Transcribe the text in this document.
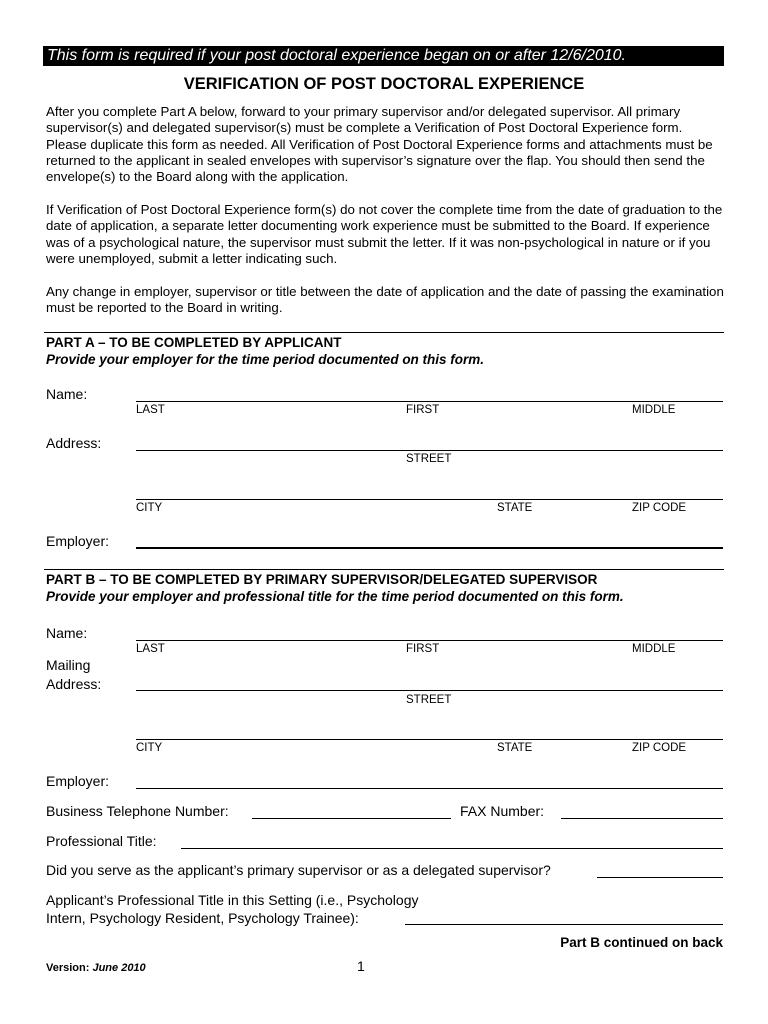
This form is required if your post doctoral experience began on or after 12/6/2010.
VERIFICATION OF POST DOCTORAL EXPERIENCE
After you complete Part A below, forward to your primary supervisor and/or delegated supervisor. All primary supervisor(s) and delegated supervisor(s) must be complete a Verification of Post Doctoral Experience form. Please duplicate this form as needed. All Verification of Post Doctoral Experience forms and attachments must be returned to the applicant in sealed envelopes with supervisor’s signature over the flap. You should then send the envelope(s) to the Board along with the application.
If Verification of Post Doctoral Experience form(s) do not cover the complete time from the date of graduation to the date of application, a separate letter documenting work experience must be submitted to the Board. If experience was of a psychological nature, the supervisor must submit the letter. If it was non-psychological in nature or if you were unemployed, submit a letter indicating such.
Any change in employer, supervisor or title between the date of application and the date of passing the examination must be reported to the Board in writing.
PART A – TO BE COMPLETED BY APPLICANT
Provide your employer for the time period documented on this form.
Name:
LAST	FIRST	MIDDLE
Address:
STREET
CITY	STATE	ZIP CODE
Employer:
PART B – TO BE COMPLETED BY PRIMARY SUPERVISOR/DELEGATED SUPERVISOR
Provide your employer and professional title for the time period documented on this form.
Name:
LAST	FIRST	MIDDLE
Mailing
Address:
STREET
CITY	STATE	ZIP CODE
Employer:
Business Telephone Number:	FAX Number:
Professional Title:
Did you serve as the applicant’s primary supervisor or as a delegated supervisor?
Applicant’s Professional Title in this Setting (i.e., Psychology
Intern, Psychology Resident, Psychology Trainee):
Part B continued on back
Version: June 2010	1
